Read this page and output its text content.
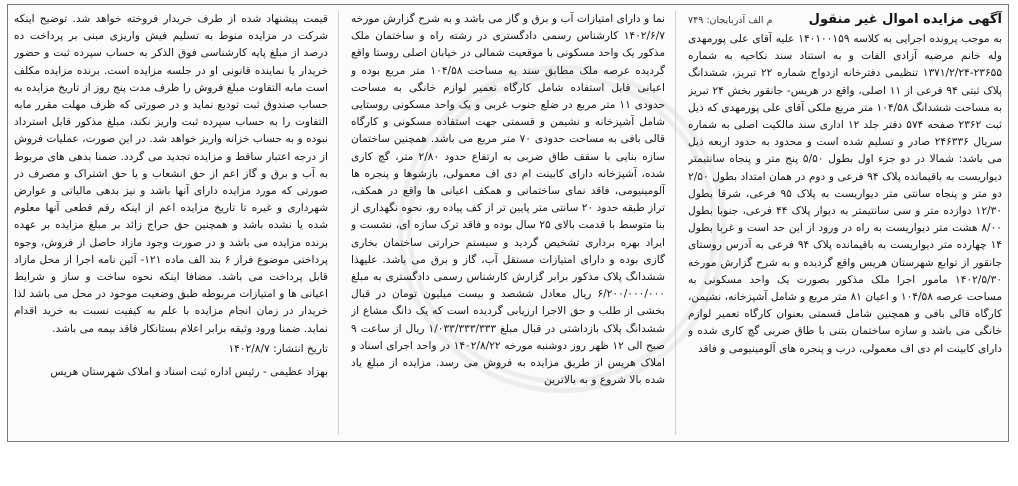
آگهی مزایده اموال غیر منقول
م الف آذربایجان: ۷۴۹

به موجب پرونده اجرایی به کلاسه ۱۴۰۱۰۰۱۵۹ علیه آقای علی پورمهدی وله خانم مرضیه آزادی الفات و به استناد سند نکاحیه به شماره ۲۳۶۵۵-۱۳۷۱/۲/۲۴ تنظیمی دفترخانه ازدواج شماره ۲۲ تبریز، ششدانگ پلاک ثبتی ۹۴ فرعی از ۱۱ اصلی، واقع در هریس- جانقور بخش ۲۴ تبریز به مساحت ششدانگ ۱۰۴/۵۸ متر مربع ملکی آقای علی پورمهدی که ذیل ثبت ۲۳۶۲ صفحه ۵۷۴ دفتر جلد ۱۲ اداری سند مالکیت اصلی به شماره سریال ۲۴۶۳۳۶ صادر و تسلیم شده است و محدود به حدود اربعه ذیل می باشد: شمالا در دو جزء اول بطول ۵/۵۰ پنج متر و پنجاه سانتیمتر دیواریست به باقیمانده پلاک ۹۴ فرعی و دوم در همان امتداد بطول ۲/۵۰ دو متر و پنجاه سانتی متر دیواریست به پلاک ۹۵ فرعی، شرقا بطول ۱۲/۳۰ دوازده متر و سی سانتیمتر به دیوار پلاک ۴۴ فرعی، جنوبا بطول ۸/۰۰ هشت متر دیواریست به راه در ورود از این حد است و غربا بطول ۱۴ چهارده متر دیواریست به باقیمانده پلاک ۹۴ فرعی به آدرس روستای جانقور از توابع شهرستان هریس واقع گردیده و به شرح گزارش مورخه ۱۴۰۲/۵/۳۰ مامور اجرا ملک مذکور بصورت یک واحد مسکونی به مساحت عرصه ۱۰۴/۵۸ و اعیان ۸۱ متر مربع و شامل آشپزخانه، نشیمن، کارگاه قالی بافی و همچنین شامل قسمتی بعنوان کارگاه تعمیر لوازم خانگی می باشد و سازه ساختمان بتنی با طاق ضربی گچ کاری شده و دارای کابینت ام دی اف معمولی، درب و پنجره های آلومینیومی و فاقد

نما و دارای امتیازات آب و برق و گاز می باشد و به شرح گزارش مورخه ۱۴۰۲/۶/۷ کارشناس رسمی دادگستری در رشته راه و ساختمان ملک مذکور یک واحد مسکونی با موقعیت شمالی در خیابان اصلی روستا واقع گردیده عرصه ملک مطابق سند به مساحت ۱۰۴/۵۸ متر مربع بوده و اعیانی قابل استفاده شامل کارگاه تعمیر لوازم خانگی به مساحت حدودی ۱۱ متر مربع در ضلع جنوب غربی و یک واحد مسکونی روستایی شامل آشپزخانه و نشیمن و قسمتی جهت استفاده مسکونی و کارگاه قالی بافی به مساحت حدودی ۷۰ متر مربع می باشد. همچنین ساختمان سازه بنایی با سقف طاق ضربی به ارتفاع حدود ۲/۸۰ متر، گچ کاری شده، آشپزخانه دارای کابینت ام دی اف معمولی، بازشوها و پنجره ها آلومینیومی، فاقد نمای ساختمانی و همکف اعیانی ها واقع در همکف، تراز طبقه حدود ۲۰ سانتی متر پایین تر از کف پیاده رو، نحوه نگهداری از بنا متوسط با قدمت بالای ۲۵ سال بوده و فاقد ترک سازه ای، نشست و ایراد بهره برداری تشخیص گردید و سیستم حرارتی ساختمان بخاری گازی بوده و دارای امتیازات مستقل آب، گاز و برق می باشد. علیهذا ششدانگ پلاک مذکور برابر گزارش کارشناس رسمی دادگستری به مبلغ ۶/۲۰۰/۰۰۰/۰۰۰ ریال معادل ششصد و بیست میلیون تومان در قبال بخشی از طلب و حق الاجرا ارزیابی گردیده است که یک دانگ مشاع از ششدانگ پلاک بازداشتی در قبال مبلغ ۱/۰۳۳/۳۳۳/۳۳۳ ریال از ساعت ۹ صبح الی ۱۲ ظهر روز دوشنبه مورخه ۱۴۰۲/۸/۲۲ در واحد اجرای اسناد و املاک هریس از طریق مزایده به فروش می رسد. مزایده از مبلغ یاد شده بالا شروع و به بالاترین

قیمت پیشنهاد شده از طرف خریدار فروخته خواهد شد. توضیح اینکه شرکت در مزایده منوط به تسلیم فیش واریزی مبنی بر پرداخت ده درصد از مبلغ پایه کارشناسی فوق الذکر به حساب سپرده ثبت و حضور خریدار یا نماینده قانونی او در جلسه مزایده است. برنده مزایده مکلف است مابه التفاوت مبلغ فروش را ظرف مدت پنج روز از تاریخ مزایده به حساب صندوق ثبت تودیع نماید و در صورتی که ظرف مهلت مقرر مابه التفاوت را به حساب سپرده ثبت واریز نکند، مبلغ مذکور قابل استرداد نبوده و به حساب خزانه واریز خواهد شد. در این صورت، عملیات فروش از درجه اعتبار ساقط و مزایده تجدید می گردد. ضمنا بدهی های مربوط به آب و برق و گاز اعم از حق انشعاب و یا حق اشتراک و مصرف در صورتی که مورد مزایده دارای آنها باشد و نیز بدهی مالیاتی و عوارض شهرداری و غیره تا تاریخ مزایده اعم از اینکه رقم قطعی آنها معلوم شده یا نشده باشد و همچنین حق حراج زائد بر مبلغ مزایده بر عهده برنده مزایده می باشد و در صورت وجود مازاد حاصل از فروش، وجوه پرداختی موضوع فراز ۶ بند الف ماده ۱۲۱- آئین نامه اجرا از محل مازاد قابل پرداخت می باشد. مضافا اینکه نحوه ساخت و ساز و شرایط اعیانی ها و امتیازات مربوطه طبق وضعیت موجود در محل می باشد لذا خریدار در زمان انجام مزایده با علم به کیفیت نسبت به خرید اقدام نماید. ضمنا ورود وثیقه برابر اعلام بستانکار فاقد بیمه می باشد.

تاریخ انتشار: ۱۴۰۲/۸/۷
بهزاد عظیمی - رئیس اداره ثبت اسناد و املاک شهرستان هریس
